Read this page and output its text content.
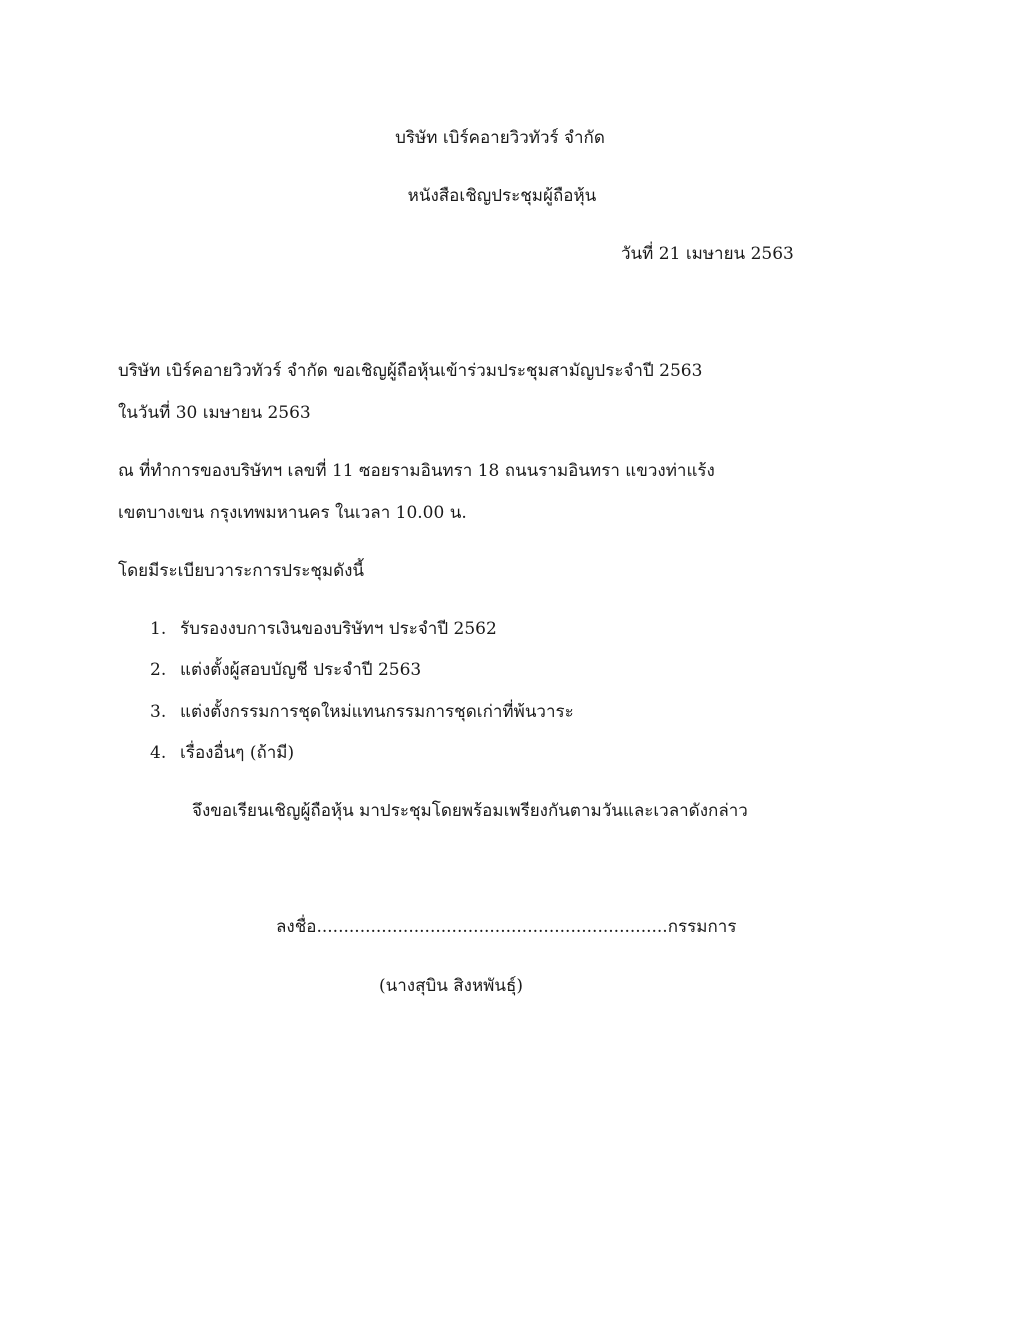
บริษัท เบิร์คอายวิวทัวร์ จำกัด
หนังสือเชิญประชุมผู้ถือหุ้น
วันที่ 21 เมษายน 2563
บริษัท เบิร์คอายวิวทัวร์ จำกัด ขอเชิญผู้ถือหุ้นเข้าร่วมประชุมสามัญประจำปี 2563
ในวันที่ 30 เมษายน 2563
ณ ที่ทำการของบริษัทฯ เลขที่ 11 ซอยรามอินทรา 18 ถนนรามอินทรา แขวงท่าแร้ง
เขตบางเขน กรุงเทพมหานคร ในเวลา 10.00 น.
โดยมีระเบียบวาระการประชุมดังนี้
1. รับรองงบการเงินของบริษัทฯ ประจำปี 2562
2. แต่งตั้งผู้สอบบัญชี ประจำปี 2563
3. แต่งตั้งกรรมการชุดใหม่แทนกรรมการชุดเก่าที่พ้นวาระ
4. เรื่องอื่นๆ (ถ้ามี)
จึงขอเรียนเชิญผู้ถือหุ้น มาประชุมโดยพร้อมเพรียงกันตามวันและเวลาดังกล่าว
ลงชื่อ.................................................................กรรมการ
(นางสุบิน สิงหพันธุ์)
